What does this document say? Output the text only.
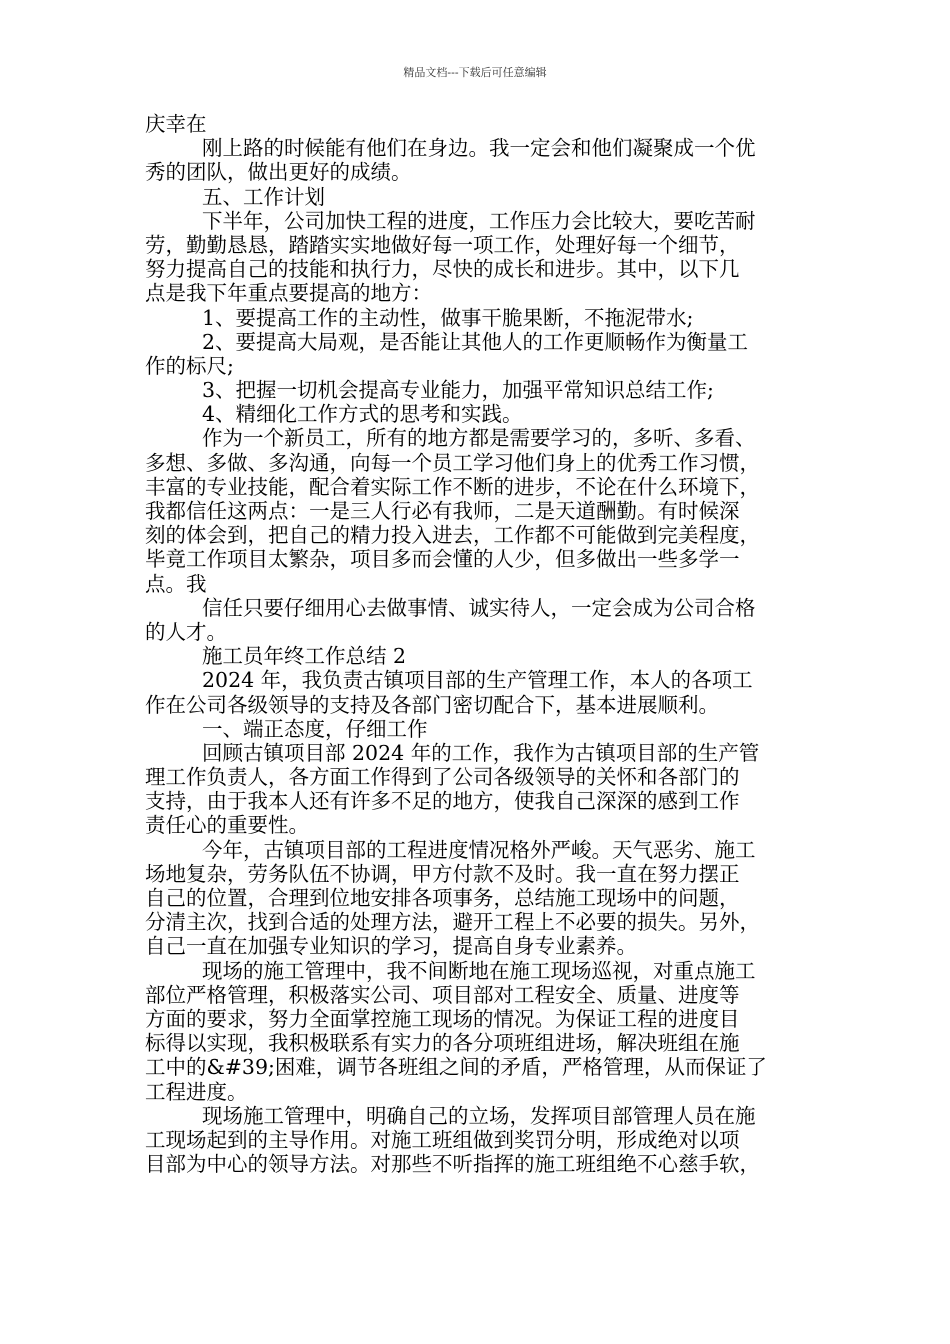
精品文档---下载后可任意编辑
庆幸在
刚上路的时候能有他们在身边。我一定会和他们凝聚成一个优
秀的团队，做出更好的成绩。
五、工作计划
下半年，公司加快工程的进度，工作压力会比较大，要吃苦耐
劳，勤勤恳恳，踏踏实实地做好每一项工作，处理好每一个细节，
努力提高自己的技能和执行力，尽快的成长和进步。其中，以下几
点是我下年重点要提高的地方：
1、要提高工作的主动性，做事干脆果断，不拖泥带水;
2、要提高大局观，是否能让其他人的工作更顺畅作为衡量工
作的标尺;
3、把握一切机会提高专业能力，加强平常知识总结工作;
4、精细化工作方式的思考和实践。
作为一个新员工，所有的地方都是需要学习的，多听、多看、
多想、多做、多沟通，向每一个员工学习他们身上的优秀工作习惯，
丰富的专业技能，配合着实际工作不断的进步，不论在什么环境下，
我都信任这两点：一是三人行必有我师，二是天道酬勤。有时候深
刻的体会到，把自己的精力投入进去，工作都不可能做到完美程度，
毕竟工作项目太繁杂，项目多而会懂的人少，但多做出一些多学一
点。我
信任只要仔细用心去做事情、诚实待人，一定会成为公司合格
的人才。
施工员年终工作总结 2
2024 年，我负责古镇项目部的生产管理工作，本人的各项工
作在公司各级领导的支持及各部门密切配合下，基本进展顺利。
一、端正态度，仔细工作
回顾古镇项目部 2024 年的工作，我作为古镇项目部的生产管
理工作负责人，各方面工作得到了公司各级领导的关怀和各部门的
支持，由于我本人还有许多不足的地方，使我自己深深的感到工作
责任心的重要性。
今年，古镇项目部的工程进度情况格外严峻。天气恶劣、施工
场地复杂，劳务队伍不协调，甲方付款不及时。我一直在努力摆正
自己的位置，合理到位地安排各项事务，总结施工现场中的问题，
分清主次，找到合适的处理方法，避开工程上不必要的损失。另外，
自己一直在加强专业知识的学习，提高自身专业素养。
现场的施工管理中，我不间断地在施工现场巡视，对重点施工
部位严格管理，积极落实公司、项目部对工程安全、质量、进度等
方面的要求，努力全面掌控施工现场的情况。为保证工程的进度目
标得以实现，我积极联系有实力的各分项班组进场，解决班组在施
工中的&#39;困难，调节各班组之间的矛盾，严格管理，从而保证了
工程进度。
现场施工管理中，明确自己的立场，发挥项目部管理人员在施
工现场起到的主导作用。对施工班组做到奖罚分明，形成绝对以项
目部为中心的领导方法。对那些不听指挥的施工班组绝不心慈手软，
